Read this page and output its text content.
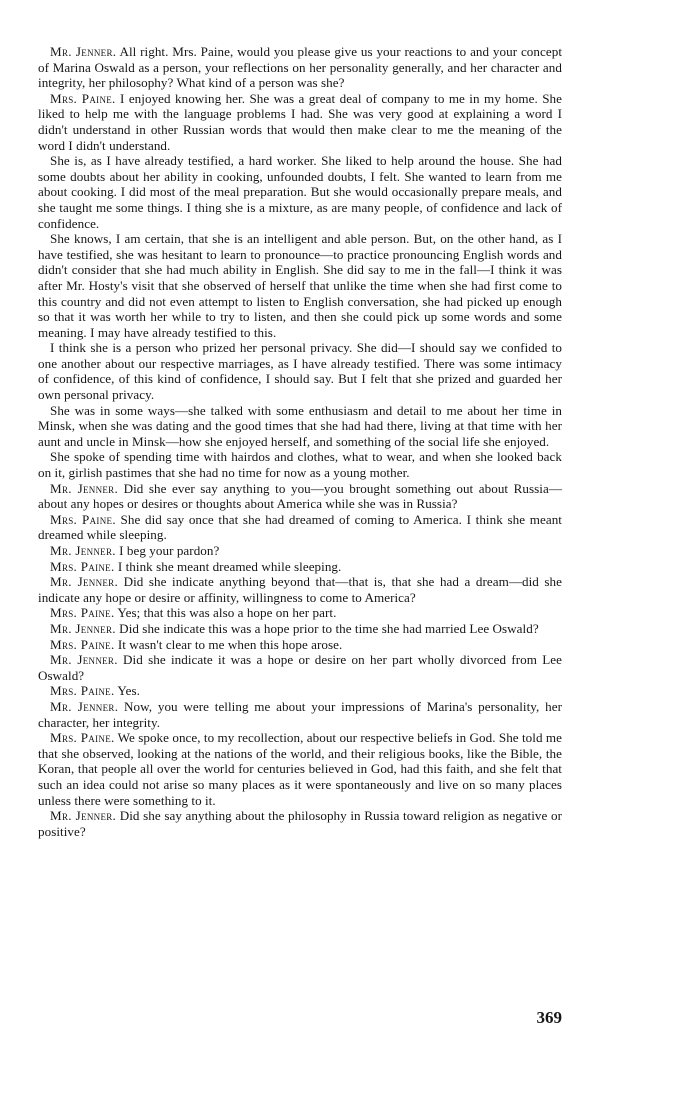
Mr. Jenner. All right. Mrs. Paine, would you please give us your reactions to and your concept of Marina Oswald as a person, your reflections on her personality generally, and her character and integrity, her philosophy? What kind of a person was she?

Mrs. Paine. I enjoyed knowing her. She was a great deal of company to me in my home. She liked to help me with the language problems I had. She was very good at explaining a word I didn't understand in other Russian words that would then make clear to me the meaning of the word I didn't understand.

She is, as I have already testified, a hard worker. She liked to help around the house. She had some doubts about her ability in cooking, unfounded doubts, I felt. She wanted to learn from me about cooking. I did most of the meal preparation. But she would occasionally prepare meals, and she taught me some things. I thing she is a mixture, as are many people, of confidence and lack of confidence.

She knows, I am certain, that she is an intelligent and able person. But, on the other hand, as I have testified, she was hesitant to learn to pronounce—to practice pronouncing English words and didn't consider that she had much ability in English. She did say to me in the fall—I think it was after Mr. Hosty's visit that she observed of herself that unlike the time when she had first come to this country and did not even attempt to listen to English conversation, she had picked up enough so that it was worth her while to try to listen, and then she could pick up some words and some meaning. I may have already testified to this.

I think she is a person who prized her personal privacy. She did—I should say we confided to one another about our respective marriages, as I have already testified. There was some intimacy of confidence, of this kind of confidence, I should say. But I felt that she prized and guarded her own personal privacy.

She was in some ways—she talked with some enthusiasm and detail to me about her time in Minsk, when she was dating and the good times that she had had there, living at that time with her aunt and uncle in Minsk—how she enjoyed herself, and something of the social life she enjoyed.

She spoke of spending time with hairdos and clothes, what to wear, and when she looked back on it, girlish pastimes that she had no time for now as a young mother.

Mr. Jenner. Did she ever say anything to you—you brought something out about Russia—about any hopes or desires or thoughts about America while she was in Russia?

Mrs. Paine. She did say once that she had dreamed of coming to America. I think she meant dreamed while sleeping.

Mr. Jenner. I beg your pardon?

Mrs. Paine. I think she meant dreamed while sleeping.

Mr. Jenner. Did she indicate anything beyond that—that is, that she had a dream—did she indicate any hope or desire or affinity, willingness to come to America?

Mrs. Paine. Yes; that this was also a hope on her part.

Mr. Jenner. Did she indicate this was a hope prior to the time she had married Lee Oswald?

Mrs. Paine. It wasn't clear to me when this hope arose.

Mr. Jenner. Did she indicate it was a hope or desire on her part wholly divorced from Lee Oswald?

Mrs. Paine. Yes.

Mr. Jenner. Now, you were telling me about your impressions of Marina's personality, her character, her integrity.

Mrs. Paine. We spoke once, to my recollection, about our respective beliefs in God. She told me that she observed, looking at the nations of the world, and their religious books, like the Bible, the Koran, that people all over the world for centuries believed in God, had this faith, and she felt that such an idea could not arise so many places as it were spontaneously and live on so many places unless there were something to it.

Mr. Jenner. Did she say anything about the philosophy in Russia toward religion as negative or positive?

369
